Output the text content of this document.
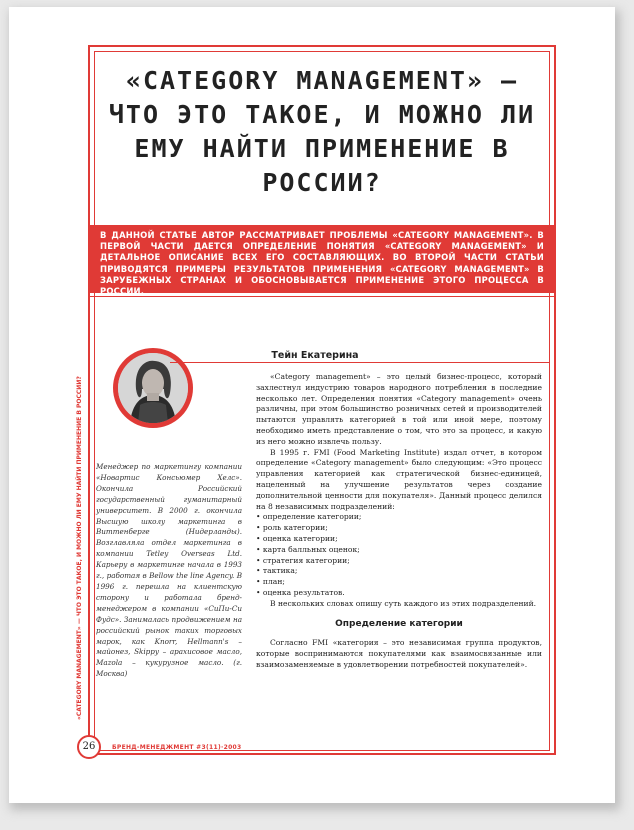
«CATEGORY MANAGEMENT» — ЧТО ЭТО ТАКОЕ, И МОЖНО ЛИ ЕМУ НАЙТИ ПРИМЕНЕНИЕ В РОССИИ?
В ДАННОЙ СТАТЬЕ АВТОР РАССМАТРИВАЕТ ПРОБЛЕМЫ «CATEGORY MANAGEMENT». В ПЕРВОЙ ЧАСТИ ДАЕТСЯ ОПРЕДЕЛЕНИЕ ПОНЯТИЯ «CATEGORY MANAGEMENT» И ДЕТАЛЬНОЕ ОПИСАНИЕ ВСЕХ ЕГО СОСТАВЛЯЮЩИХ. ВО ВТОРОЙ ЧАСТИ СТАТЬИ ПРИВОДЯТСЯ ПРИМЕРЫ РЕЗУЛЬТАТОВ ПРИМЕНЕНИЯ «CATEGORY MANAGEMENT» В ЗАРУБЕЖНЫХ СТРАНАХ И ОБОСНОВЫВАЕТСЯ ПРИМЕНЕНИЕ ЭТОГО ПРОЦЕССА В РОССИИ.
Тейн Екатерина

Менеджер по маркетингу компании «Новартис Консьюмер Хелс». Окончила Российский государственный гуманитарный университет. В 2000 г. окончила Высшую школу маркетинга в Виттенберге (Нидерланды). Возглавляла отдел маркетинга в компании Tetley Overseas Ltd. Карьеру в маркетинге начала в 1993 г., работая в Bellow the line Agency. В 1996 г. перешла на клиентскую сторону и работала бренд-менеджером в компании «СиПи-Си Фудс». Занималась продвижением на российский рынок таких торговых марок, как Knorr, Hellmann's – майонез, Skippy – арахисовое масло, Mazola – кукурузное масло. (г. Москва)

«Category management» – это целый бизнес-процесс, который захлестнул индустрию товаров народного потребления в последние несколько лет. Определения понятия «Category management» очень различны, при этом большинство розничных сетей и производителей пытаются управлять категорией в той или иной мере, поэтому необходимо иметь представление о том, что это за процесс, и какую из него можно извлечь пользу.

В 1995 г. FMI (Food Marketing Institute) издал отчет, в котором определение «Category management» было следующим: «Это процесс управления категорией как стратегической бизнес-единицей, нацеленный на улучшение результатов через создание дополнительной ценности для покупателя». Данный процесс делился на 8 независимых подразделений:

• определение категории;
• роль категории;
• оценка категории;
• карта балльных оценок;
• стратегия категории;
• тактика;
• план;
• оценка результатов.

В нескольких словах опишу суть каждого из этих подразделений.

Определение категории

Согласно FMI «категория – это независимая группа продуктов, которые воспринимаются покупателями как взаимосвязанные или взаимозаменяемые в удовлетворении потребностей покупателей».

«CATEGORY MANAGEMENT» — ЧТО ЭТО ТАКОЕ, И МОЖНО ЛИ ЕМУ НАЙТИ ПРИМЕНЕНИЕ В РОССИИ?
26	БРЕНД-МЕНЕДЖМЕНТ #3(11)·2003
